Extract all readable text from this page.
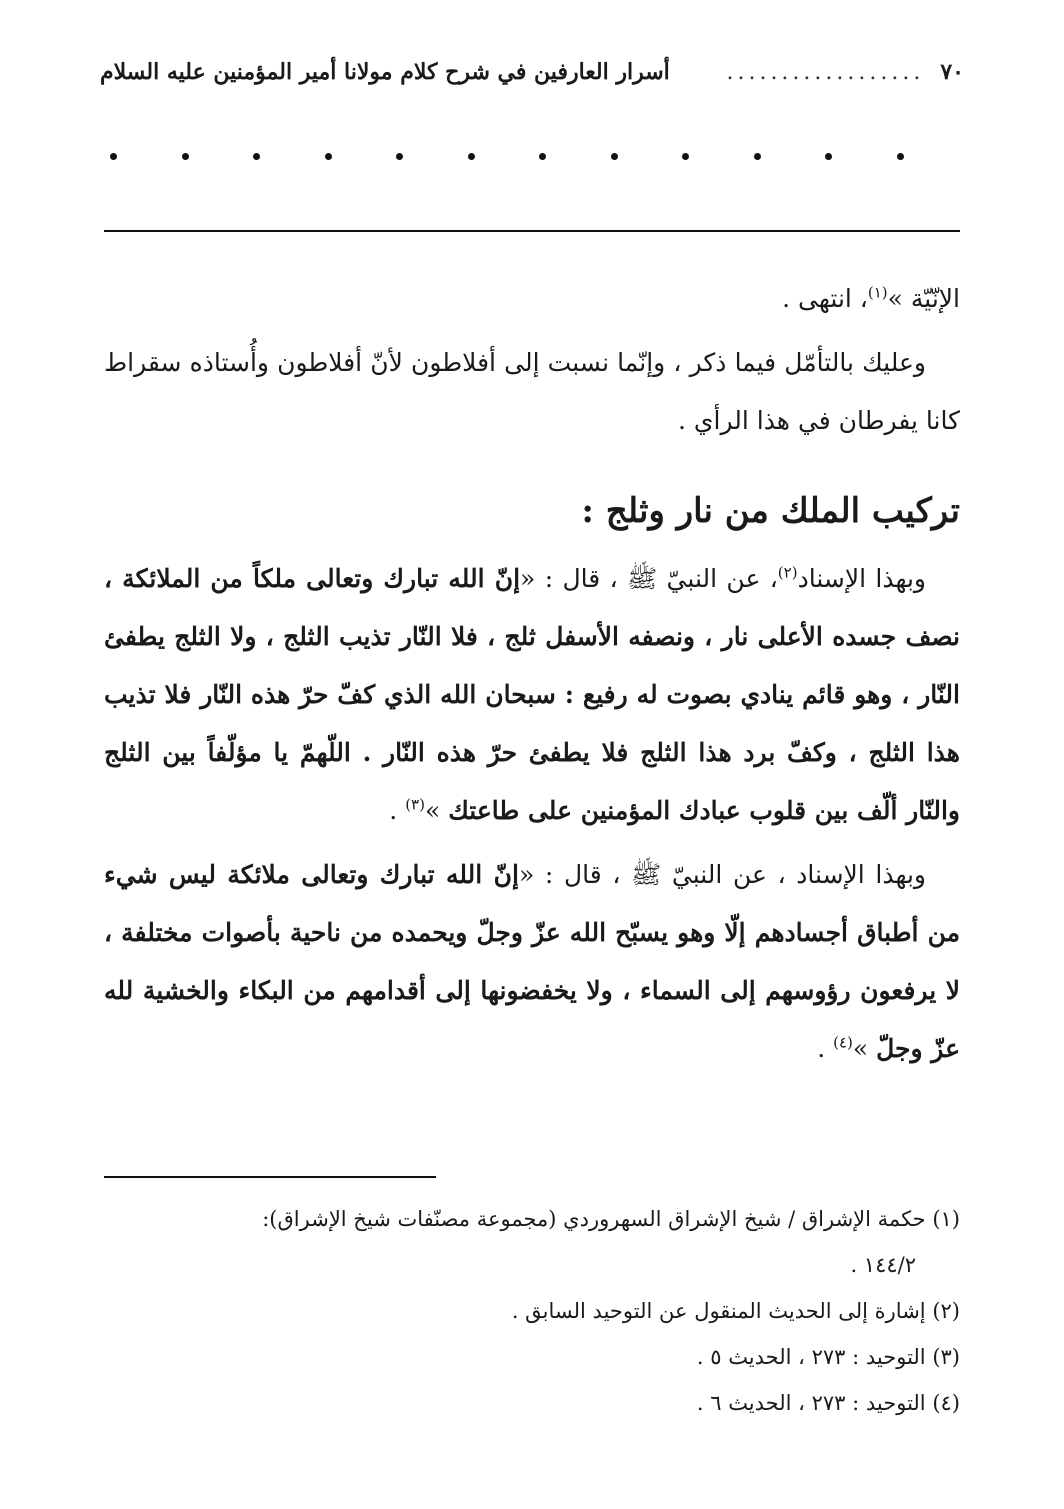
٧٠
..................
أسرار العارفين في شرح كلام مولانا أمير المؤمنين عليه السلام

الإنّيّة »$^{(١)}$، انتهى .

وعليك بالتأمّل فيما ذكر ، وإنّما نسبت إلى أفلاطون لأنّ أفلاطون وأُستاذه سقراط كانا يفرطان في هذا الرأي .

تركيب الملك من نار وثلج :

وبهذا الإسناد$^{(٢)}$، عن النبيّ ﷺ ، قال : «إنّ الله تبارك وتعالى ملكاً من الملائكة ، نصف جسده الأعلى نار ، ونصفه الأسفل ثلج ، فلا النّار تذيب الثلج ، ولا الثلج يطفئ النّار ، وهو قائم ينادي بصوت له رفيع : سبحان الله الذي كفّ حرّ هذه النّار فلا تذيب هذا الثلج ، وكفّ برد هذا الثلج فلا يطفئ حرّ هذه النّار . اللّهمّ يا مؤلّفاً بين الثلج والنّار ألّف بين قلوب عبادك المؤمنين على طاعتك »$^{(٣)}$ .

وبهذا الإسناد ، عن النبيّ ﷺ ، قال : «إنّ الله تبارك وتعالى ملائكة ليس شيء من أطباق أجسادهم إلّا وهو يسبّح الله عزّ وجلّ ويحمده من ناحية بأصوات مختلفة ، لا يرفعون رؤوسهم إلى السماء ، ولا يخفضونها إلى أقدامهم من البكاء والخشية لله عزّ وجلّ »$^{(٤)}$ .

(١) حكمة الإشراق / شيخ الإشراق السهروردي (مجموعة مصنّفات شيخ الإشراق):

١٤٤/٢ .

(٢) إشارة إلى الحديث المنقول عن التوحيد السابق .

(٣) التوحيد : ٢٧٣ ، الحديث ٥ .

(٤) التوحيد : ٢٧٣ ، الحديث ٦ .
